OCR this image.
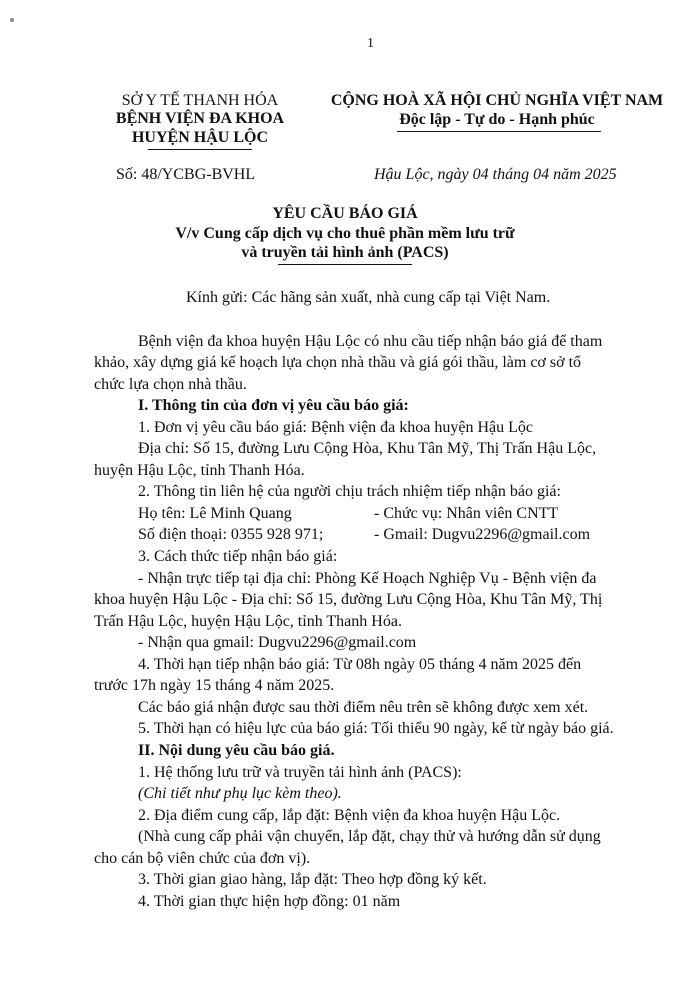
1
SỞ Y TẾ THANH HÓA
BỆNH VIỆN ĐA KHOA
HUYỆN HẬU LỘC
CỘNG HOÀ XÃ HỘI CHỦ NGHĨA VIỆT NAM
Độc lập - Tự do - Hạnh phúc
Số: 48/YCBG-BVHL	Hậu Lộc, ngày 04 tháng 04 năm 2025
YÊU CẦU BÁO GIÁ
V/v Cung cấp dịch vụ cho thuê phần mềm lưu trữ
và truyền tải hình ảnh (PACS)
Kính gửi: Các hãng sản xuất, nhà cung cấp tại Việt Nam.
Bệnh viện đa khoa huyện Hậu Lộc có nhu cầu tiếp nhận báo giá để tham
khảo, xây dựng giá kế hoạch lựa chọn nhà thầu và giá gói thầu, làm cơ sở tổ
chức lựa chọn nhà thầu.
I. Thông tin của đơn vị yêu cầu báo giá:
1. Đơn vị yêu cầu báo giá: Bệnh viện đa khoa huyện Hậu Lộc
Địa chỉ: Số 15, đường Lưu Cộng Hòa, Khu Tân Mỹ, Thị Trấn Hậu Lộc,
huyện Hậu Lộc, tỉnh Thanh Hóa.
2. Thông tin liên hệ của người chịu trách nhiệm tiếp nhận báo giá:
Họ tên: Lê Minh Quang	- Chức vụ: Nhân viên CNTT
Số điện thoại: 0355 928 971;	- Gmail: Dugvu2296@gmail.com
3. Cách thức tiếp nhận báo giá:
- Nhận trực tiếp tại địa chỉ: Phòng Kế Hoạch Nghiệp Vụ - Bệnh viện đa
khoa huyện Hậu Lộc - Địa chỉ: Số 15, đường Lưu Cộng Hòa, Khu Tân Mỹ, Thị
Trấn Hậu Lộc, huyện Hậu Lộc, tỉnh Thanh Hóa.
- Nhận qua gmail: Dugvu2296@gmail.com
4. Thời hạn tiếp nhận báo giá: Từ 08h ngày 05 tháng 4 năm 2025 đến
trước 17h ngày 15 tháng 4 năm 2025.
Các báo giá nhận được sau thời điểm nêu trên sẽ không được xem xét.
5. Thời hạn có hiệu lực của báo giá: Tối thiểu 90 ngày, kể từ ngày báo giá.
II. Nội dung yêu cầu báo giá.
1. Hệ thống lưu trữ và truyền tải hình ảnh (PACS):
(Chi tiết như phụ lục kèm theo).
2. Địa điểm cung cấp, lắp đặt: Bệnh viện đa khoa huyện Hậu Lộc.
(Nhà cung cấp phải vận chuyển, lắp đặt, chạy thử và hướng dẫn sử dụng
cho cán bộ viên chức của đơn vị).
3. Thời gian giao hàng, lắp đặt: Theo hợp đồng ký kết.
4. Thời gian thực hiện hợp đồng: 01 năm
